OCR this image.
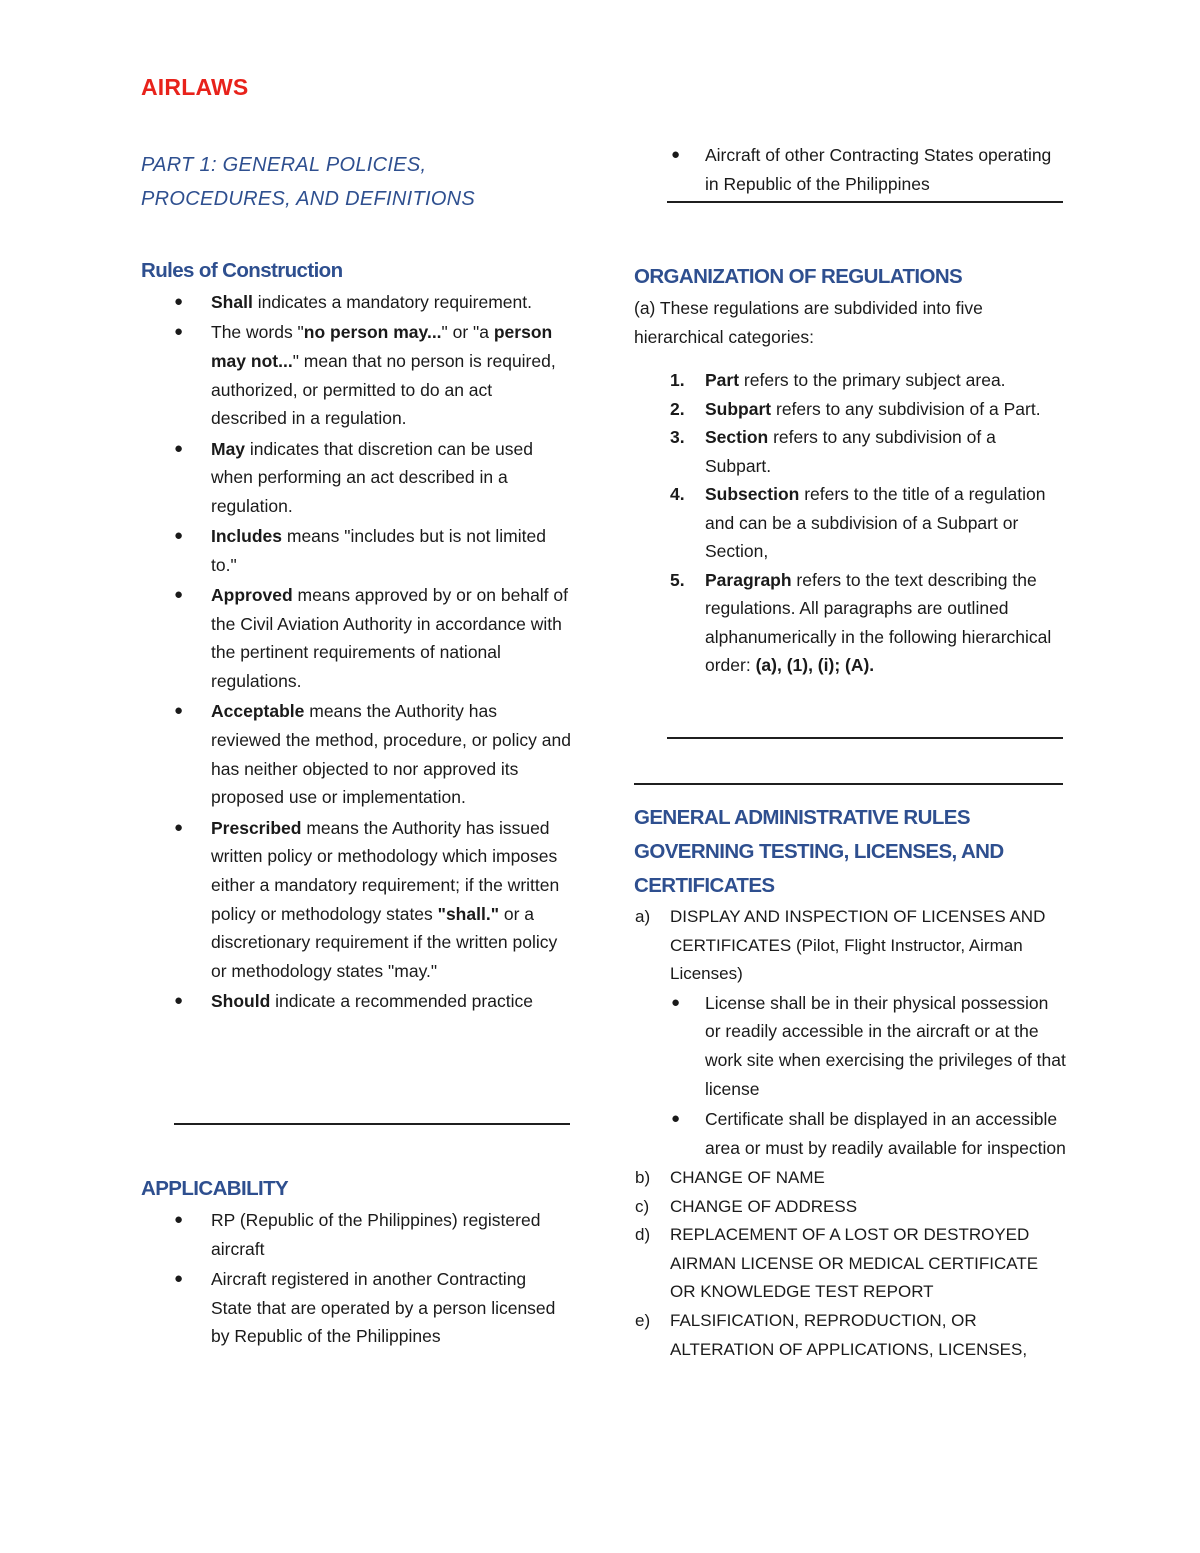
AIRLAWS
PART 1: GENERAL POLICIES,
PROCEDURES, AND DEFINITIONS
Rules of Construction
● Shall indicates a mandatory requirement.
● The words "no person may..." or "a person may not..." mean that no person is required, authorized, or permitted to do an act described in a regulation.
● May indicates that discretion can be used when performing an act described in a regulation.
● Includes means "includes but is not limited to."
● Approved means approved by or on behalf of the Civil Aviation Authority in accordance with the pertinent requirements of national regulations.
● Acceptable means the Authority has reviewed the method, procedure, or policy and has neither objected to nor approved its proposed use or implementation.
● Prescribed means the Authority has issued written policy or methodology which imposes either a mandatory requirement; if the written policy or methodology states "shall." or a discretionary requirement if the written policy or methodology states "may."
● Should indicate a recommended practice
APPLICABILITY
● RP (Republic of the Philippines) registered aircraft
● Aircraft registered in another Contracting State that are operated by a person licensed by Republic of the Philippines
● Aircraft of other Contracting States operating in Republic of the Philippines
ORGANIZATION OF REGULATIONS

(a) These regulations are subdivided into five hierarchical categories:

1. Part refers to the primary subject area.
2. Subpart refers to any subdivision of a Part.
3. Section refers to any subdivision of a Subpart.
4. Subsection refers to the title of a regulation and can be a subdivision of a Subpart or Section,
5. Paragraph refers to the text describing the regulations. All paragraphs are outlined alphanumerically in the following hierarchical order: (a), (1), (i); (A).
GENERAL ADMINISTRATIVE RULES GOVERNING TESTING, LICENSES, AND CERTIFICATES
a) DISPLAY AND INSPECTION OF LICENSES AND CERTIFICATES (Pilot, Flight Instructor, Airman Licenses)
● License shall be in their physical possession or readily accessible in the aircraft or at the work site when exercising the privileges of that license
● Certificate shall be displayed in an accessible area or must by readily available for inspection
b) CHANGE OF NAME
c) CHANGE OF ADDRESS
d) REPLACEMENT OF A LOST OR DESTROYED AIRMAN LICENSE OR MEDICAL CERTIFICATE OR KNOWLEDGE TEST REPORT
e) FALSIFICATION, REPRODUCTION, OR ALTERATION OF APPLICATIONS, LICENSES,
